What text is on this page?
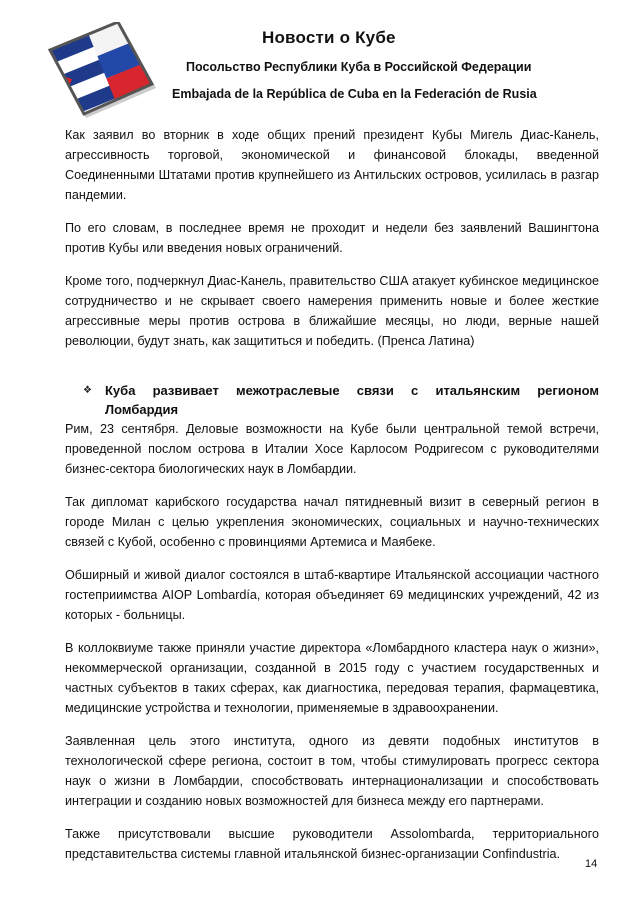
Новости о Кубе
Посольство Республики Куба в Российской Федерации
Embajada de la República de Cuba en la Federación de Rusia

Как заявил во вторник в ходе общих прений президент Кубы Мигель Диас-Канель, агрессивность торговой, экономической и финансовой блокады, введенной Соединенными Штатами против крупнейшего из Антильских островов, усилилась в разгар пандемии.

По его словам, в последнее время не проходит и недели без заявлений Вашингтона против Кубы или введения новых ограничений.

Кроме того, подчеркнул Диас-Канель, правительство США атакует кубинское медицинское сотрудничество и не скрывает своего намерения применить новые и более жесткие агрессивные меры против острова в ближайшие месяцы, но люди, верные нашей революции, будут знать, как защититься и победить. (Пренса Латина)

❖	Куба развивает межотраслевые связи с итальянским регионом
Ломбардия

Рим, 23 сентября. Деловые возможности на Кубе были центральной темой встречи, проведенной послом острова в Италии Хосе Карлосом Родригесом с руководителями бизнес-сектора биологических наук в Ломбардии.

Так дипломат карибского государства начал пятидневный визит в северный регион в городе Милан с целью укрепления экономических, социальных и научно-технических связей с Кубой, особенно с провинциями Артемиса и Маябеке.

Обширный и живой диалог состоялся в штаб-квартире Итальянской ассоциации частного гостеприимства AIOP Lombardía, которая объединяет 69 медицинских учреждений, 42 из которых - больницы.

В коллоквиуме также приняли участие директора «Ломбардного кластера наук о жизни», некоммерческой организации, созданной в 2015 году с участием государственных и частных субъектов в таких сферах, как диагностика, передовая терапия, фармацевтика, медицинские устройства и технологии, применяемые в здравоохранении.

Заявленная цель этого института, одного из девяти подобных институтов в технологической сфере региона, состоит в том, чтобы стимулировать прогресс сектора наук о жизни в Ломбардии, способствовать интернационализации и способствовать интеграции и созданию новых возможностей для бизнеса между его партнерами.

Также присутствовали высшие руководители Assolombarda, территориального представительства системы главной итальянской бизнес-организации Confindustria.

14
